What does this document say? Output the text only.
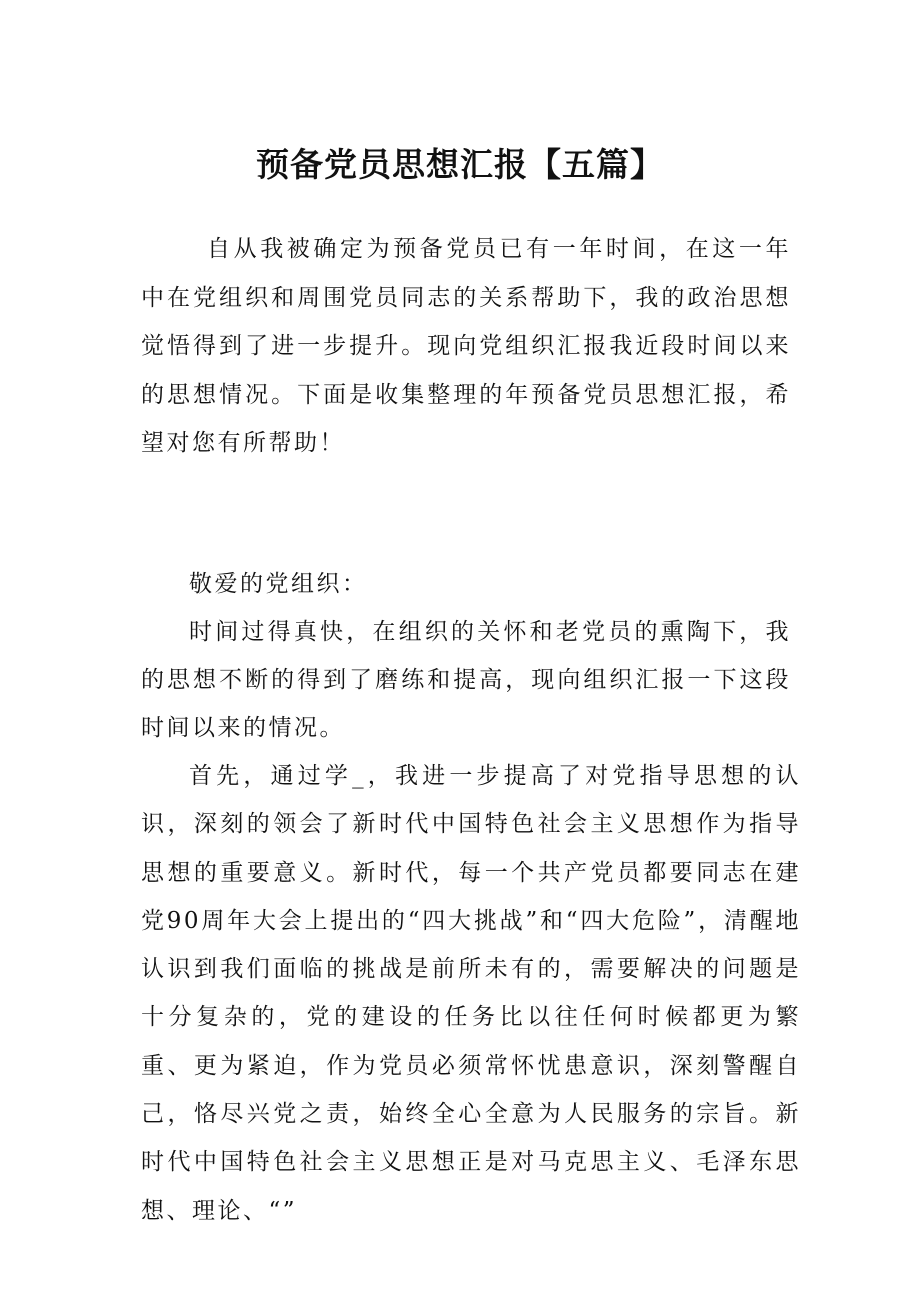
预备党员思想汇报【五篇】

自从我被确定为预备党员已有一年时间，在这一年中在党组织和周围党员同志的关系帮助下，我的政治思想觉悟得到了进一步提升。现向党组织汇报我近段时间以来的思想情况。下面是收集整理的年预备党员思想汇报，希望对您有所帮助！

敬爱的党组织：

时间过得真快，在组织的关怀和老党员的熏陶下，我的思想不断的得到了磨练和提高，现向组织汇报一下这段时间以来的情况。

首先，通过学_，我进一步提高了对党指导思想的认识，深刻的领会了新时代中国特色社会主义思想作为指导思想的重要意义。新时代，每一个共产党员都要同志在建党90周年大会上提出的“四大挑战”和“四大危险”，清醒地认识到我们面临的挑战是前所未有的，需要解决的问题是十分复杂的，党的建设的任务比以往任何时候都更为繁重、更为紧迫，作为党员必须常怀忧患意识，深刻警醒自己，恪尽兴党之责，始终全心全意为人民服务的宗旨。新时代中国特色社会主义思想正是对马克思主义、毛泽东思想、理论、“”
